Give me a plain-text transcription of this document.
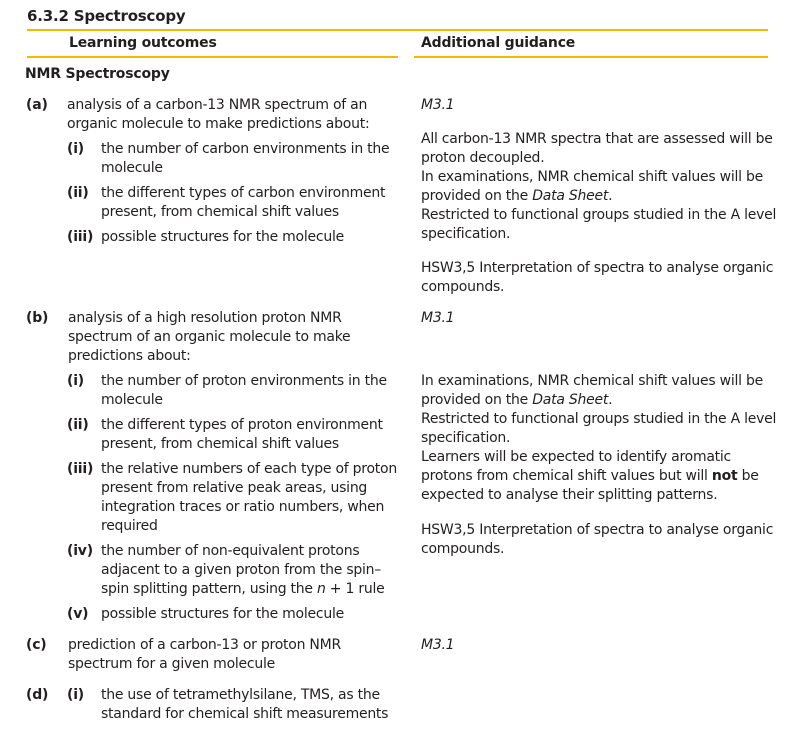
6.3.2 Spectroscopy
Learning outcomes	Additional guidance
NMR Spectroscopy
(a) analysis of a carbon-13 NMR spectrum of an
organic molecule to make predictions about:
(i) the number of carbon environments in the
molecule
(ii) the different types of carbon environment
present, from chemical shift values
(iii) possible structures for the molecule
M3.1
All carbon-13 NMR spectra that are assessed will be
proton decoupled.
In examinations, NMR chemical shift values will be
provided on the Data Sheet.
Restricted to functional groups studied in the A level
specification.
HSW3,5 Interpretation of spectra to analyse organic
compounds.
(b) analysis of a high resolution proton NMR
spectrum of an organic molecule to make
predictions about:
(i) the number of proton environments in the
molecule
(ii) the different types of proton environment
present, from chemical shift values
(iii) the relative numbers of each type of proton
present from relative peak areas, using
integration traces or ratio numbers, when
required
(iv) the number of non-equivalent protons
adjacent to a given proton from the spin–
spin splitting pattern, using the n + 1 rule
(v) possible structures for the molecule
M3.1
In examinations, NMR chemical shift values will be
provided on the Data Sheet.
Restricted to functional groups studied in the A level
specification.
Learners will be expected to identify aromatic
protons from chemical shift values but will not be
expected to analyse their splitting patterns.
HSW3,5 Interpretation of spectra to analyse organic
compounds.
(c) prediction of a carbon-13 or proton NMR
spectrum for a given molecule
M3.1
(d) (i) the use of tetramethylsilane, TMS, as the
standard for chemical shift measurements
